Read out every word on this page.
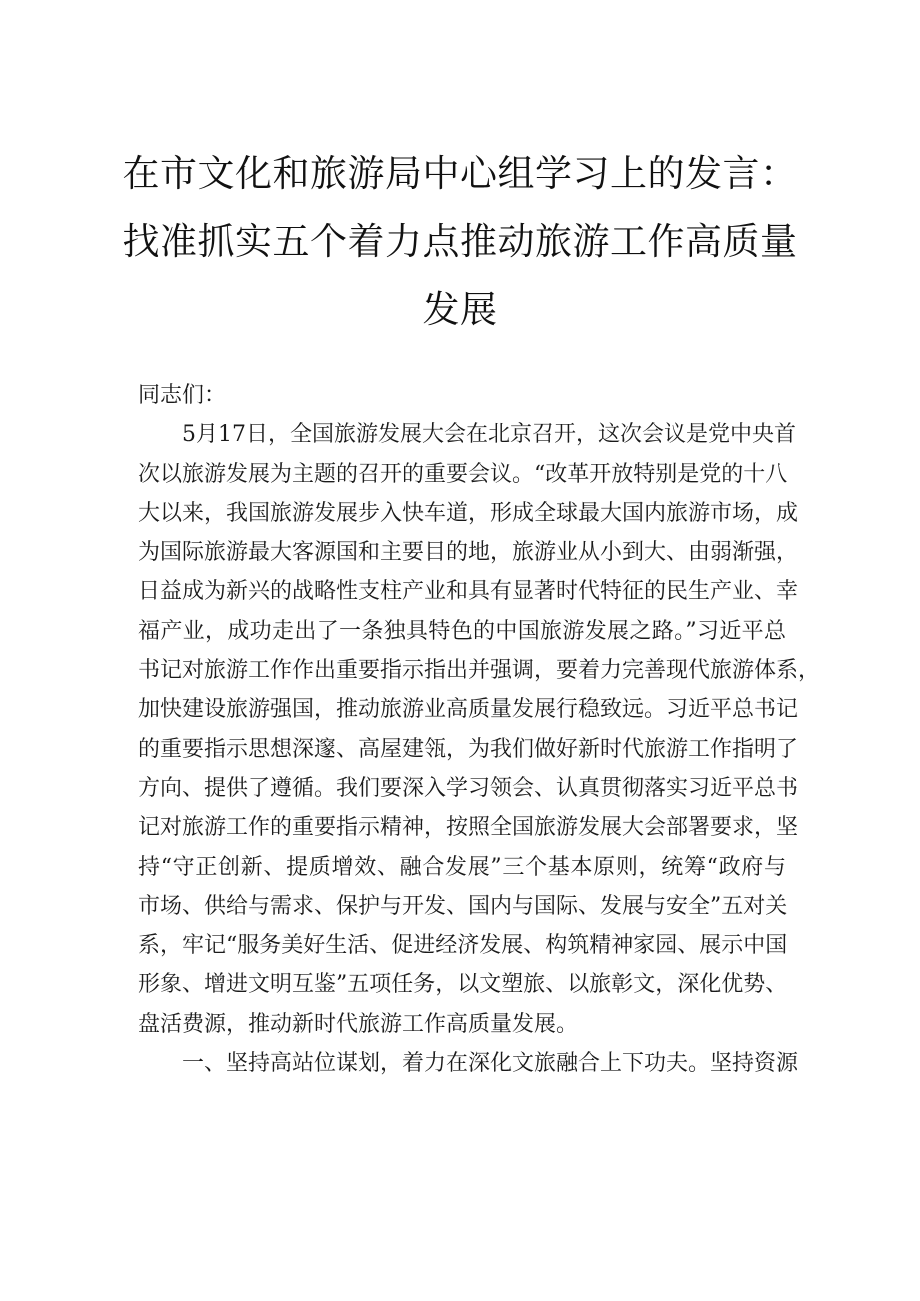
在市文化和旅游局中心组学习上的发言：
找准抓实五个着力点推动旅游工作高质量
发展
同志们：
　　5月17日，全国旅游发展大会在北京召开，这次会议是党中央首
次以旅游发展为主题的召开的重要会议。“改革开放特别是党的十八
大以来，我国旅游发展步入快车道，形成全球最大国内旅游市场，成
为国际旅游最大客源国和主要目的地，旅游业从小到大、由弱渐强，
日益成为新兴的战略性支柱产业和具有显著时代特征的民生产业、幸
福产业，成功走出了一条独具特色的中国旅游发展之路。”习近平总
书记对旅游工作作出重要指示指出并强调，要着力完善现代旅游体系，
加快建设旅游强国，推动旅游业高质量发展行稳致远。习近平总书记
的重要指示思想深邃、高屋建瓴，为我们做好新时代旅游工作指明了
方向、提供了遵循。我们要深入学习领会、认真贯彻落实习近平总书
记对旅游工作的重要指示精神，按照全国旅游发展大会部署要求，坚
持“守正创新、提质增效、融合发展”三个基本原则，统筹“政府与
市场、供给与需求、保护与开发、国内与国际、发展与安全”五对关
系，牢记“服务美好生活、促进经济发展、构筑精神家园、展示中国
形象、增进文明互鉴”五项任务，以文塑旅、以旅彰文，深化优势、
盘活费源，推动新时代旅游工作高质量发展。
　　一、坚持高站位谋划，着力在深化文旅融合上下功夫。坚持资源
